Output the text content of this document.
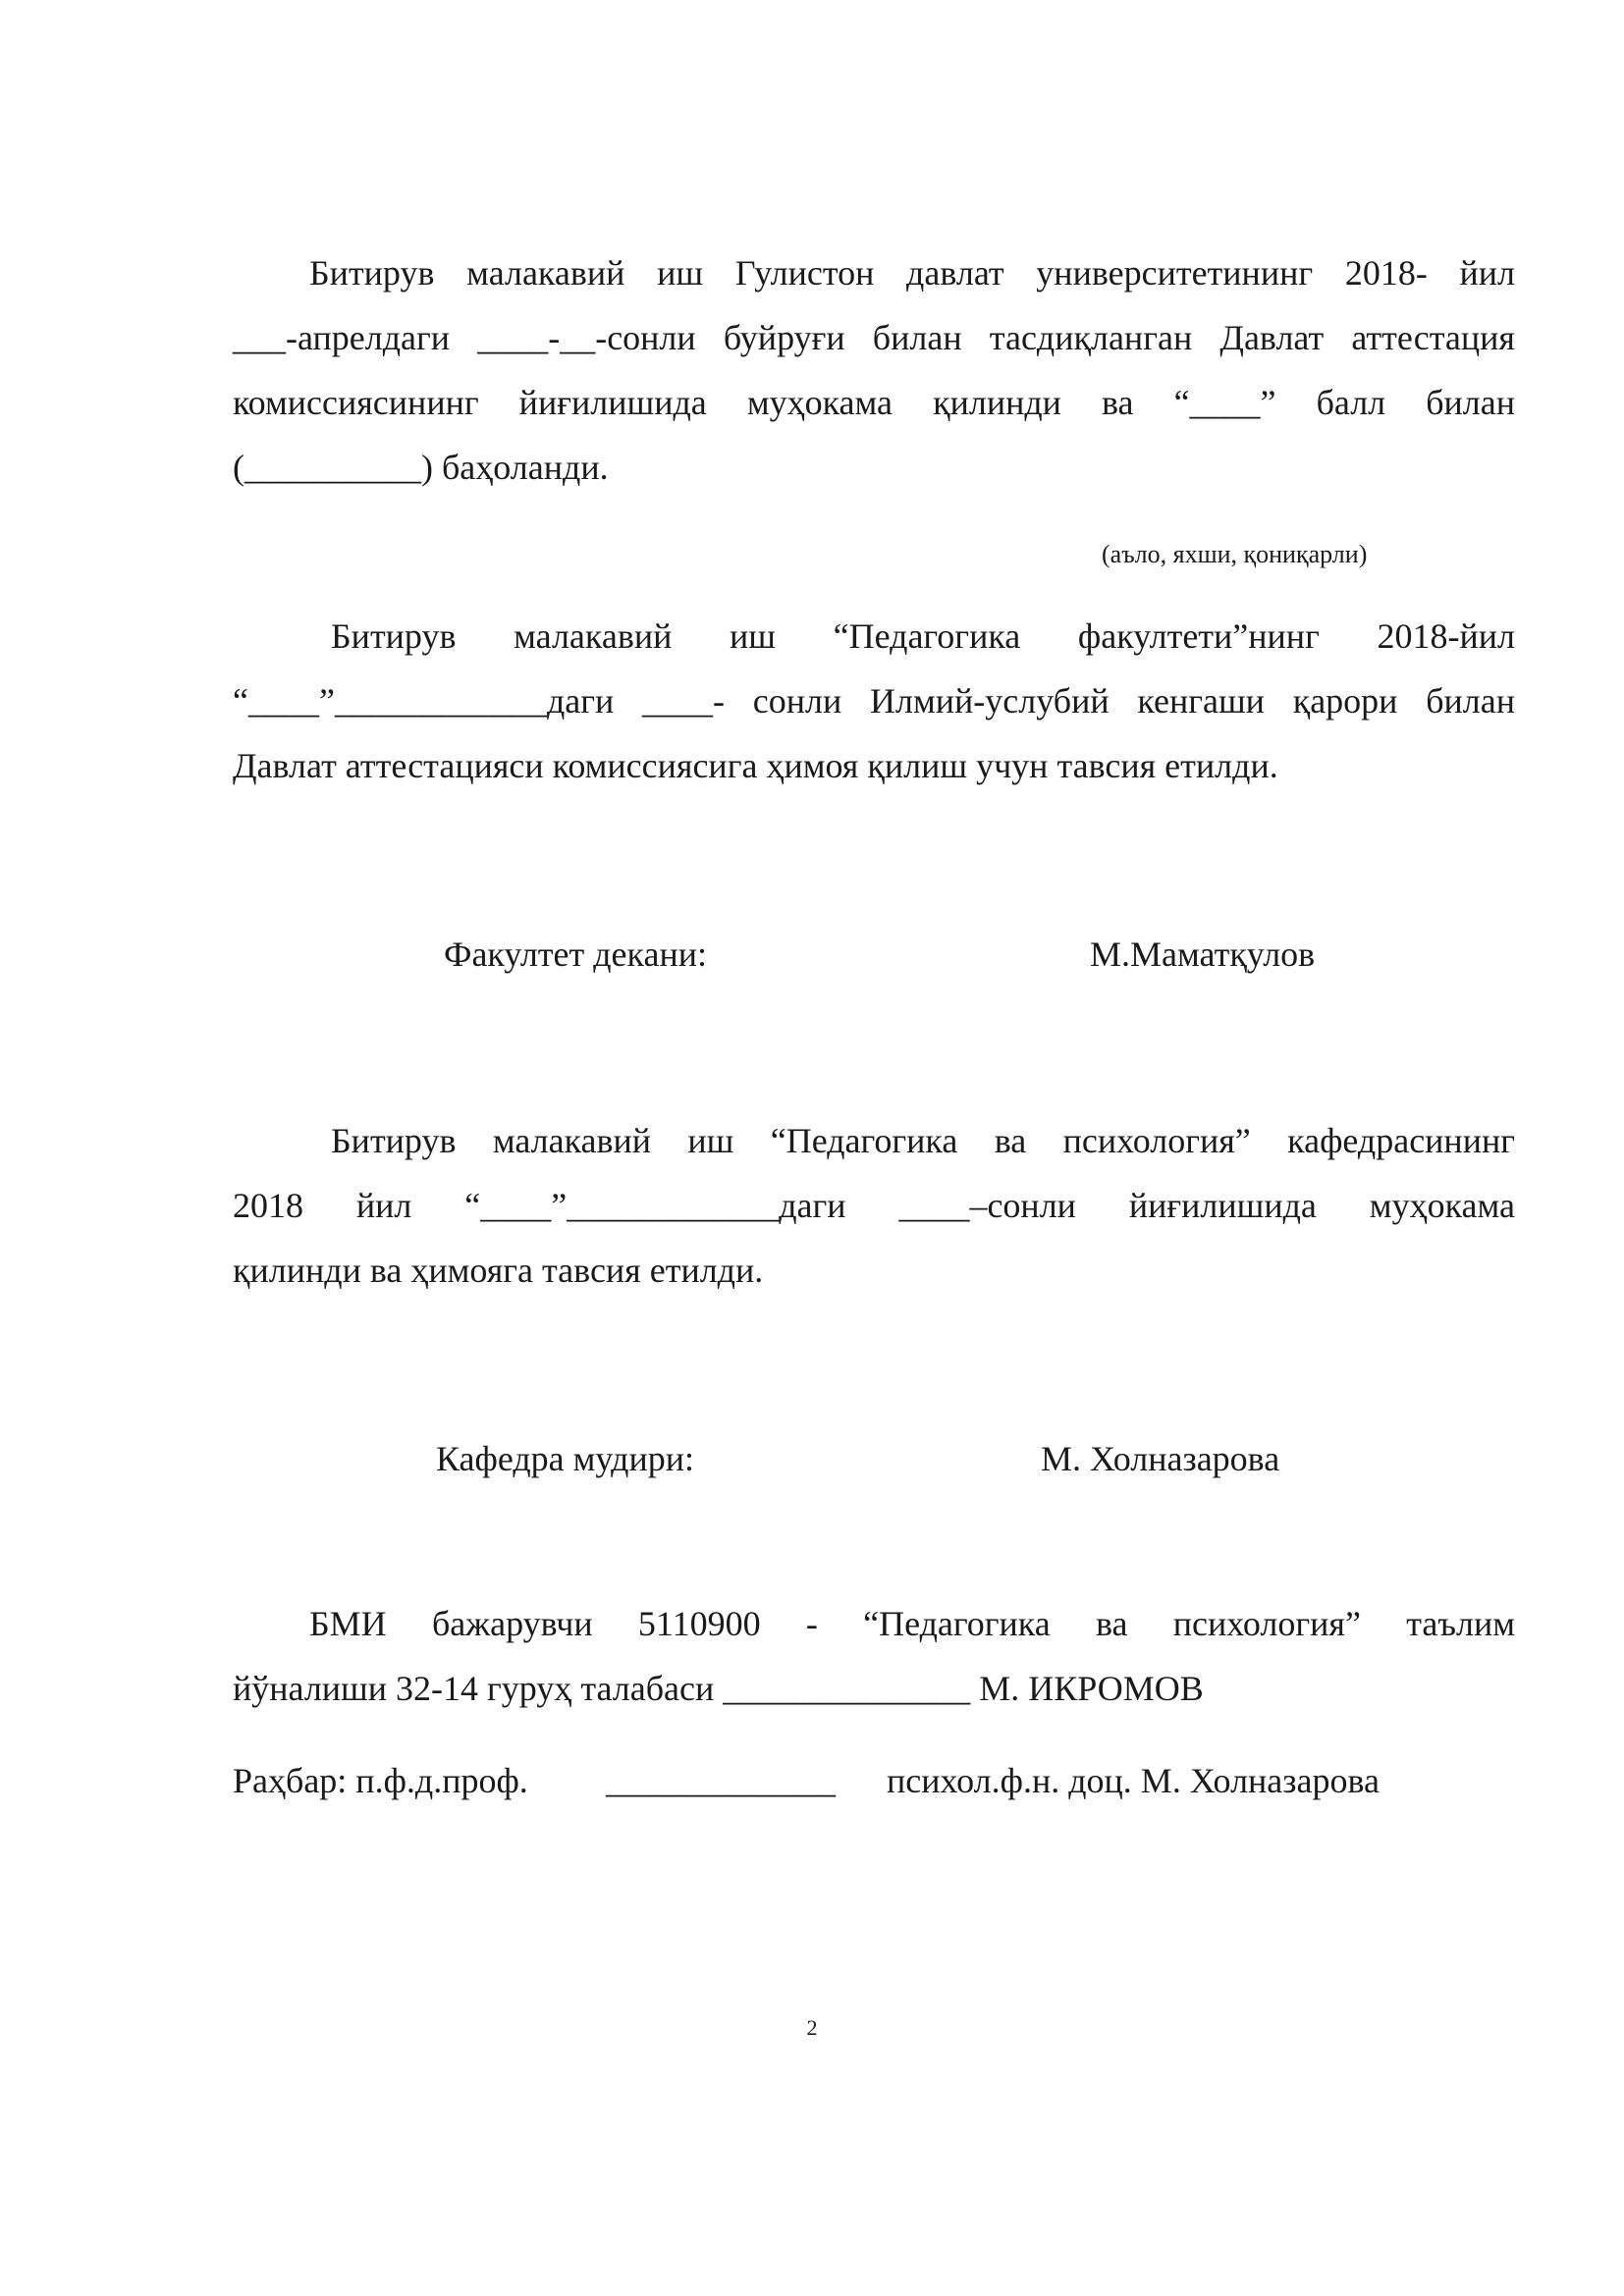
Битирув малакавий иш Гулистон давлат университетининг 2018- йил
___-апрелдаги ____-__-сонли буйруғи билан тасдиқланган Давлат аттестация
комиссиясининг йиғилишида муҳокама қилинди ва “____” балл билан
(__________) баҳоланди.
(аъло, яхши, қониқарли)
Битирув малакавий иш “Педагогика факултети”нинг 2018-йил
“____”____________даги ____- сонли Илмий-услубий кенгаши қарори билан
Давлат аттестацияси комиссиясига ҳимоя қилиш учун тавсия етилди.
Факултет декани:	М.Маматқулов
Битирув малакавий иш “Педагогика ва психология” кафедрасининг
2018 йил “____”____________даги ____–сонли йиғилишида муҳокама
қилинди ва ҳимояга тавсия етилди.
Кафедра мудири:	М. Холназарова
БМИ бажарувчи 5110900 - “Педагогика ва психология” таълим
йўналиши 32-14 гуруҳ талабаси ______________ М. ИКРОМОВ
Раҳбар: п.ф.д.проф. _____________ психол.ф.н. доц. М. Холназарова
2
